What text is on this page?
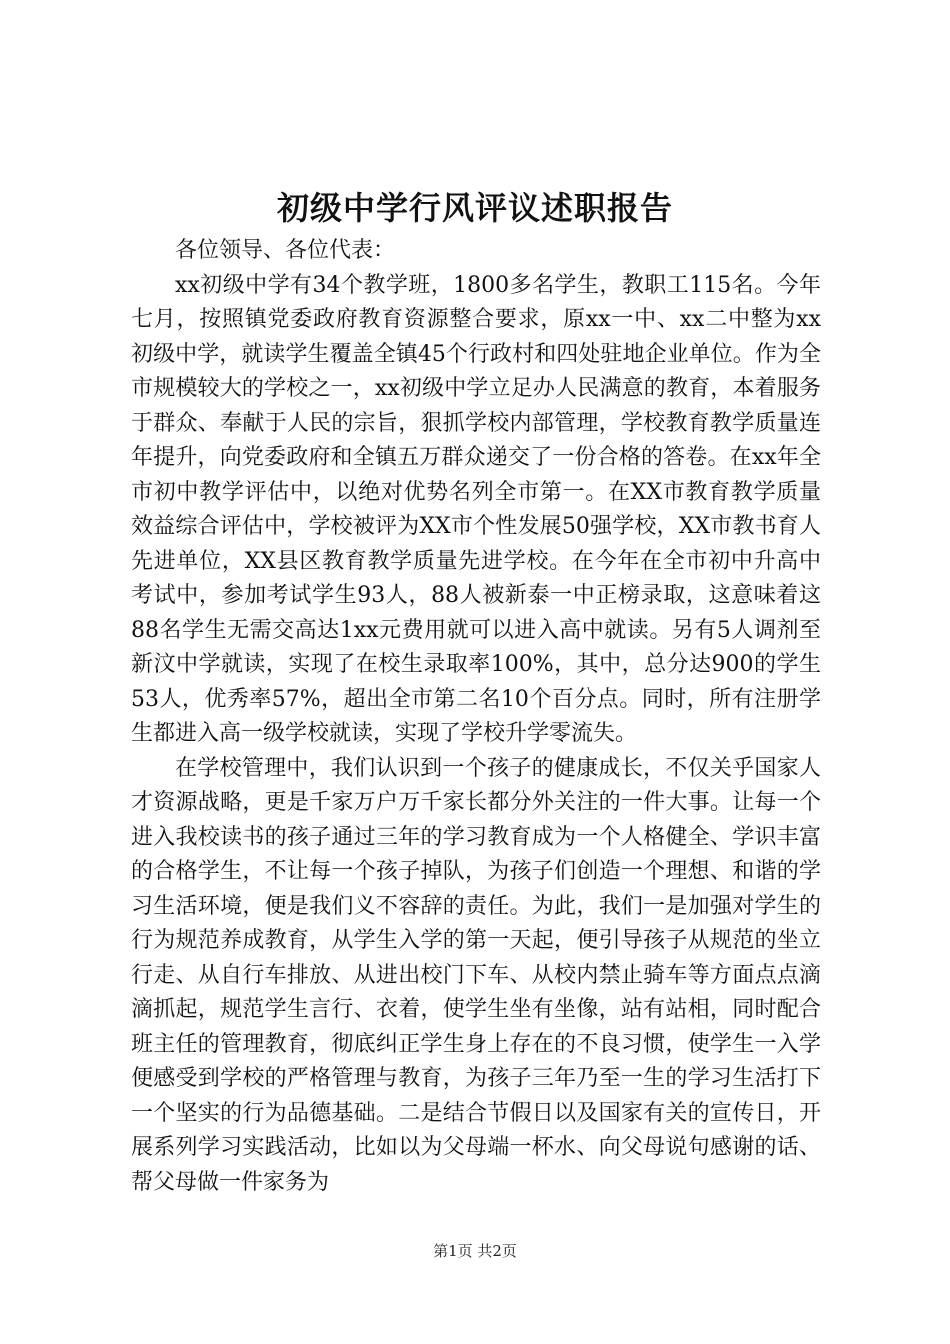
初级中学行风评议述职报告

各位领导、各位代表：

xx初级中学有34个教学班，1800多名学生，教职工115名。今年七月，按照镇党委政府教育资源整合要求，原xx一中、xx二中整为xx初级中学，就读学生覆盖全镇45个行政村和四处驻地企业单位。作为全市规模较大的学校之一，xx初级中学立足办人民满意的教育，本着服务于群众、奉献于人民的宗旨，狠抓学校内部管理，学校教育教学质量连年提升，向党委政府和全镇五万群众递交了一份合格的答卷。在xx年全市初中教学评估中，以绝对优势名列全市第一。在XX市教育教学质量效益综合评估中，学校被评为XX市个性发展50强学校，XX市教书育人先进单位，XX县区教育教学质量先进学校。在今年在全市初中升高中考试中，参加考试学生93人，88人被新泰一中正榜录取，这意味着这88名学生无需交高达1xx元费用就可以进入高中就读。另有5人调剂至新汶中学就读，实现了在校生录取率100%，其中，总分达900的学生53人，优秀率57%，超出全市第二名10个百分点。同时，所有注册学生都进入高一级学校就读，实现了学校升学零流失。

在学校管理中，我们认识到一个孩子的健康成长，不仅关乎国家人才资源战略，更是千家万户万千家长都分外关注的一件大事。让每一个进入我校读书的孩子通过三年的学习教育成为一个人格健全、学识丰富的合格学生，不让每一个孩子掉队，为孩子们创造一个理想、和谐的学习生活环境，便是我们义不容辞的责任。为此，我们一是加强对学生的行为规范养成教育，从学生入学的第一天起，便引导孩子从规范的坐立行走、从自行车排放、从进出校门下车、从校内禁止骑车等方面点点滴滴抓起，规范学生言行、衣着，使学生坐有坐像，站有站相，同时配合班主任的管理教育，彻底纠正学生身上存在的不良习惯，使学生一入学便感受到学校的严格管理与教育，为孩子三年乃至一生的学习生活打下一个坚实的行为品德基础。二是结合节假日以及国家有关的宣传日，开展系列学习实践活动，比如以为父母端一杯水、向父母说句感谢的话、帮父母做一件家务为

第1页 共2页
